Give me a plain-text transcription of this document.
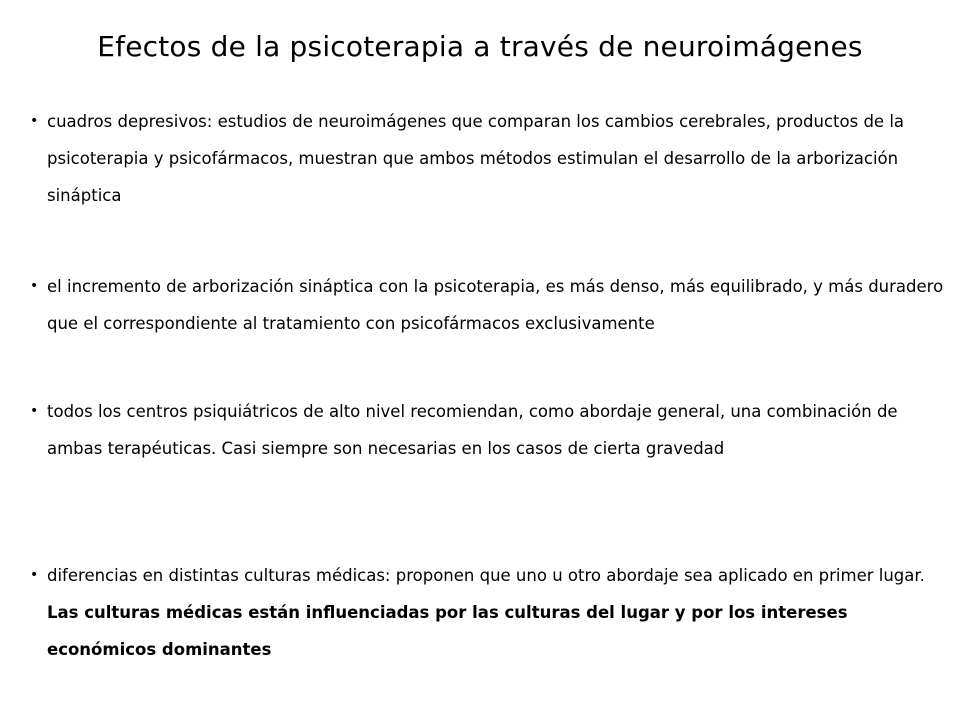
Efectos de la psicoterapia a través de neuroimágenes
• cuadros depresivos: estudios de neuroimágenes que comparan los cambios cerebrales, productos de la psicoterapia y psicofármacos, muestran que ambos métodos estimulan el desarrollo de la arborización sináptica
• el incremento de arborización sináptica con la psicoterapia, es más denso, más equilibrado, y más duradero que el correspondiente al tratamiento con psicofármacos exclusivamente
• todos los centros psiquiátricos de alto nivel recomiendan, como abordaje general, una combinación de ambas terapéuticas. Casi siempre son necesarias en los casos de cierta gravedad
• diferencias en distintas culturas médicas: proponen que uno u otro abordaje sea aplicado en primer lugar. Las culturas médicas están influenciadas por las culturas del lugar y por los intereses económicos dominantes
